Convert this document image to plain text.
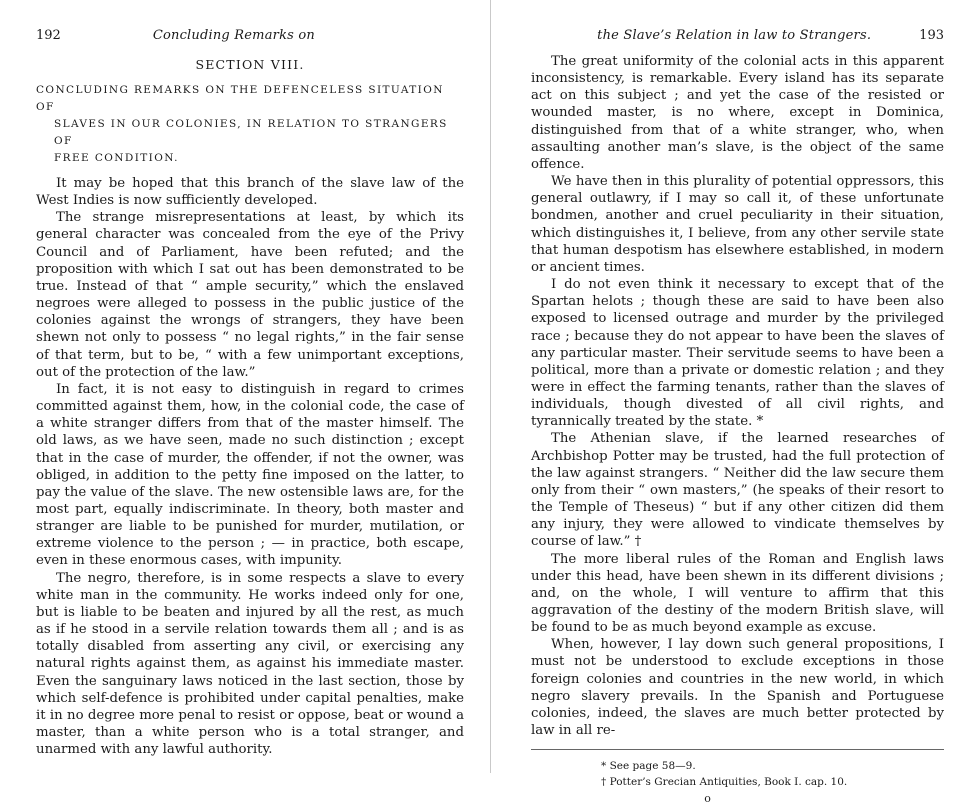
192	Concluding Remarks on
SECTION VIII.
CONCLUDING REMARKS ON THE DEFENCELESS SITUATION OF
SLAVES IN OUR COLONIES, IN RELATION TO STRANGERS OF
FREE CONDITION.

It may be hoped that this branch of the slave law of the West Indies is now sufficiently developed.

The strange misrepresentations at least, by which its general character was concealed from the eye of the Privy Council and of Parliament, have been refuted; and the proposition with which I sat out has been demonstrated to be true. Instead of that “ ample security,” which the enslaved negroes were alleged to possess in the public justice of the colonies against the wrongs of strangers, they have been shewn not only to possess “ no legal rights,” in the fair sense of that term, but to be, “ with a few unimportant exceptions, out of the protection of the law.”

In fact, it is not easy to distinguish in regard to crimes committed against them, how, in the colonial code, the case of a white stranger differs from that of the master himself. The old laws, as we have seen, made no such distinction ; except that in the case of murder, the offender, if not the owner, was obliged, in addition to the petty fine imposed on the latter, to pay the value of the slave. The new ostensible laws are, for the most part, equally indiscriminate. In theory, both master and stranger are liable to be punished for murder, mutilation, or extreme violence to the person ; — in practice, both escape, even in these enormous cases, with impunity.

The negro, therefore, is in some respects a slave to every white man in the community. He works indeed only for one, but is liable to be beaten and injured by all the rest, as much as if he stood in a servile relation towards them all ; and is as totally disabled from asserting any civil, or exercising any natural rights against them, as against his immediate master. Even the sanguinary laws noticed in the last section, those by which self-defence is prohibited under capital penalties, make it in no degree more penal to resist or oppose, beat or wound a master, than a white person who is a total stranger, and unarmed with any lawful authority.

the Slave’s Relation in law to Strangers.	193

The great uniformity of the colonial acts in this apparent inconsistency, is remarkable. Every island has its separate act on this subject ; and yet the case of the resisted or wounded master, is no where, except in Dominica, distinguished from that of a white stranger, who, when assaulting another man’s slave, is the object of the same offence.

We have then in this plurality of potential oppressors, this general outlawry, if I may so call it, of these unfortunate bondmen, another and cruel peculiarity in their situation, which distinguishes it, I believe, from any other servile state that human despotism has elsewhere established, in modern or ancient times.

I do not even think it necessary to except that of the Spartan helots ; though these are said to have been also exposed to licensed outrage and murder by the privileged race ; because they do not appear to have been the slaves of any particular master. Their servitude seems to have been a political, more than a private or domestic relation ; and they were in effect the farming tenants, rather than the slaves of individuals, though divested of all civil rights, and tyrannically treated by the state. *

The Athenian slave, if the learned researches of Archbishop Potter may be trusted, had the full protection of the law against strangers. “ Neither did the law secure them only from their “ own masters,” (he speaks of their resort to the Temple of Theseus) “ but if any other citizen did them any injury, they were allowed to vindicate themselves by course of law.” †

The more liberal rules of the Roman and English laws under this head, have been shewn in its different divisions ; and, on the whole, I will venture to affirm that this aggravation of the destiny of the modern British slave, will be found to be as much beyond example as excuse.

When, however, I lay down such general propositions, I must not be understood to exclude exceptions in those foreign colonies and countries in the new world, in which negro slavery prevails. In the Spanish and Portuguese colonies, indeed, the slaves are much better protected by law in all re-

* See page 58—9.
† Potter’s Grecian Antiquities, Book I. cap. 10.
o
